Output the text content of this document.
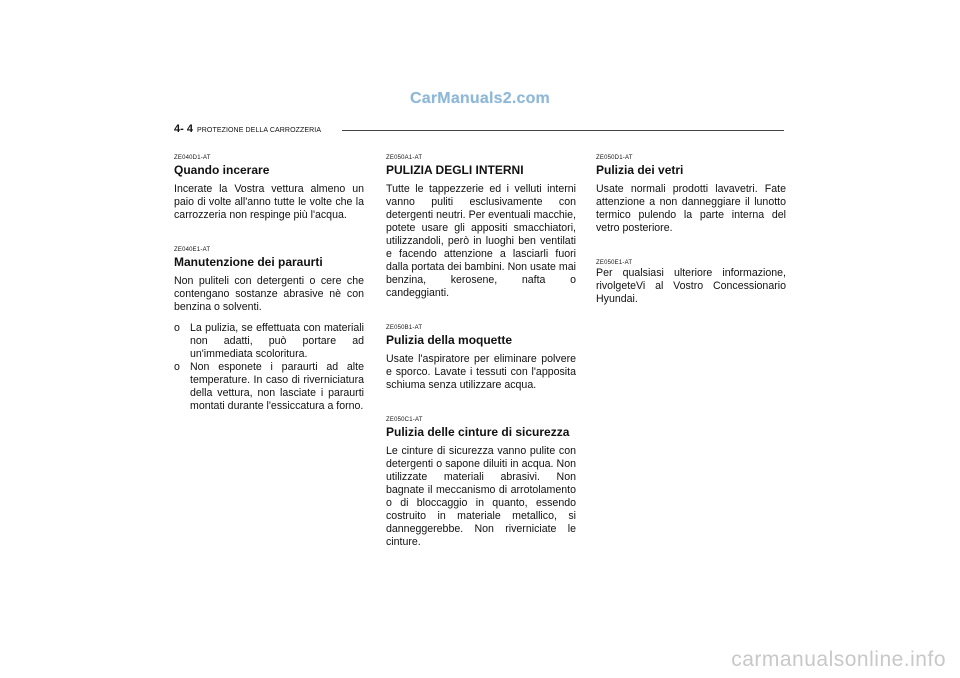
CarManuals2.com
4- 4 PROTEZIONE DELLA CARROZZERIA
ZE040D1-AT
Quando incerare

Incerate la Vostra vettura almeno un paio di volte all'anno tutte le volte che la carrozzeria non respinge più l'acqua.

ZE040E1-AT
Manutenzione dei paraurti

Non puliteli con detergenti o cere che contengano sostanze abrasive nè con benzina o solventi.

o La pulizia, se effettuata con materiali non adatti, può portare ad un'immediata scoloritura.
o Non esponete i paraurti ad alte temperature. In caso di riverniciatura della vettura, non lasciate i paraurti montati durante l'essiccatura a forno.
ZE050A1-AT
PULIZIA DEGLI INTERNI

Tutte le tappezzerie ed i velluti interni vanno puliti esclusivamente con detergenti neutri. Per eventuali macchie, potete usare gli appositi smacchiatori, utilizzandoli, però in luoghi ben ventilati e facendo attenzione a lasciarli fuori dalla portata dei bambini. Non usate mai benzina, kerosene, nafta o candeggianti.

ZE050B1-AT
Pulizia della moquette

Usate l'aspiratore per eliminare polvere e sporco. Lavate i tessuti con l'apposita schiuma senza utilizzare acqua.

ZE050C1-AT
Pulizia delle cinture di sicurezza

Le cinture di sicurezza vanno pulite con detergenti o sapone diluiti in acqua. Non utilizzate materiali abrasivi. Non bagnate il meccanismo di arrotolamento o di bloccaggio in quanto, essendo costruito in materiale metallico, si danneggerebbe. Non riverniciate le cinture.

ZE050D1-AT
Pulizia dei vetri

Usate normali prodotti lavavetri. Fate attenzione a non danneggiare il lunotto termico pulendo la parte interna del vetro posteriore.

ZE050E1-AT

Per qualsiasi ulteriore informazione, rivolgeteVi al Vostro Concessionario Hyundai.

carmanualsonline.info
